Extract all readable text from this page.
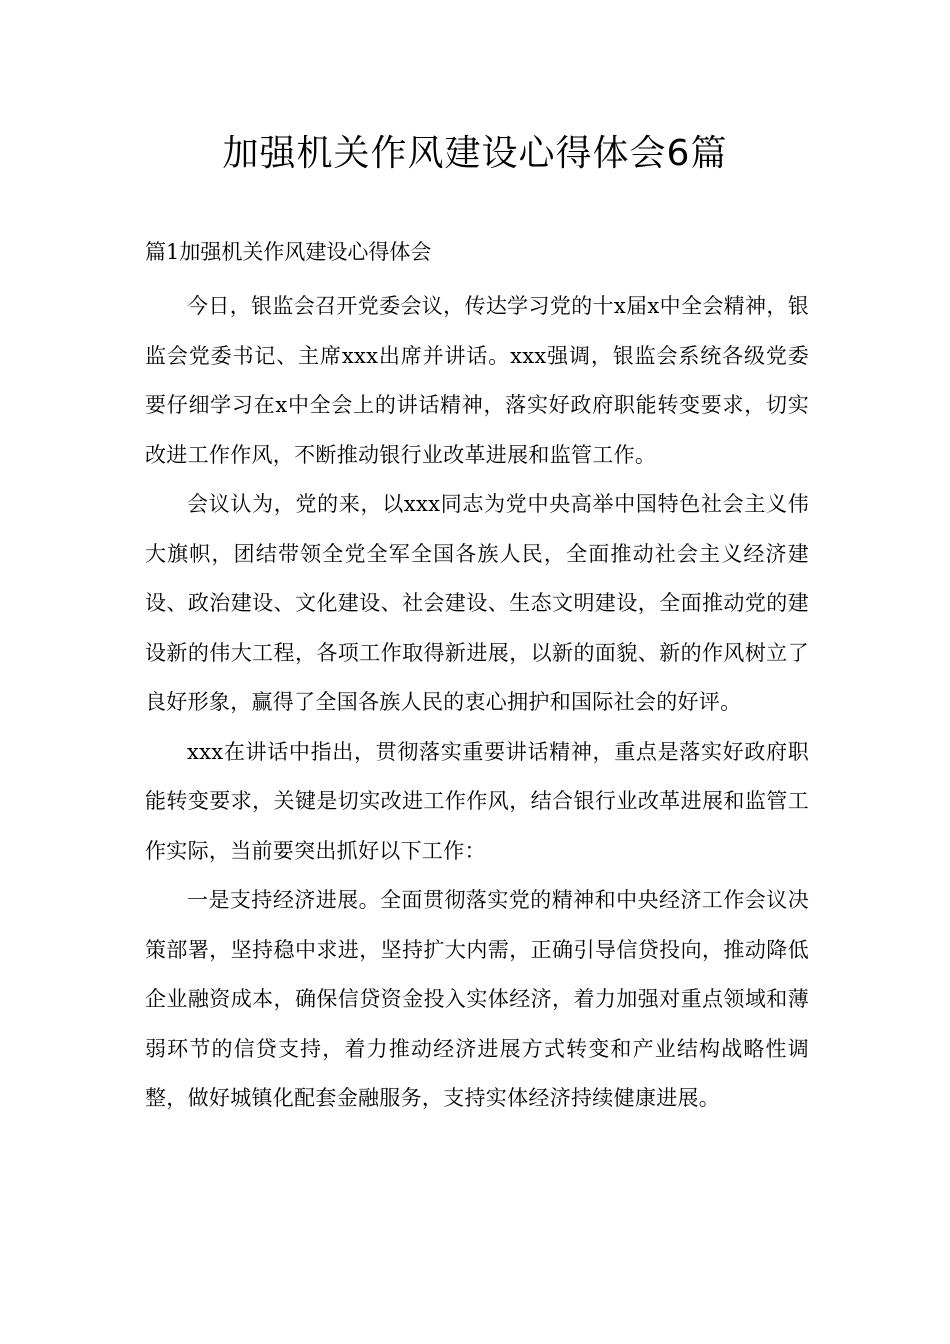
加强机关作风建设心得体会6篇
篇1加强机关作风建设心得体会

今日，银监会召开党委会议，传达学习党的十x届x中全会精神，银监会党委书记、主席xxx出席并讲话。xxx强调，银监会系统各级党委要仔细学习在x中全会上的讲话精神，落实好政府职能转变要求，切实改进工作作风，不断推动银行业改革进展和监管工作。

会议认为，党的来，以xxx同志为党中央高举中国特色社会主义伟大旗帜，团结带领全党全军全国各族人民，全面推动社会主义经济建设、政治建设、文化建设、社会建设、生态文明建设，全面推动党的建设新的伟大工程，各项工作取得新进展，以新的面貌、新的作风树立了良好形象，赢得了全国各族人民的衷心拥护和国际社会的好评。

xxx在讲话中指出，贯彻落实重要讲话精神，重点是落实好政府职能转变要求，关键是切实改进工作作风，结合银行业改革进展和监管工作实际，当前要突出抓好以下工作：

一是支持经济进展。全面贯彻落实党的精神和中央经济工作会议决策部署，坚持稳中求进，坚持扩大内需，正确引导信贷投向，推动降低企业融资成本，确保信贷资金投入实体经济，着力加强对重点领域和薄弱环节的信贷支持，着力推动经济进展方式转变和产业结构战略性调整，做好城镇化配套金融服务，支持实体经济持续健康进展。
